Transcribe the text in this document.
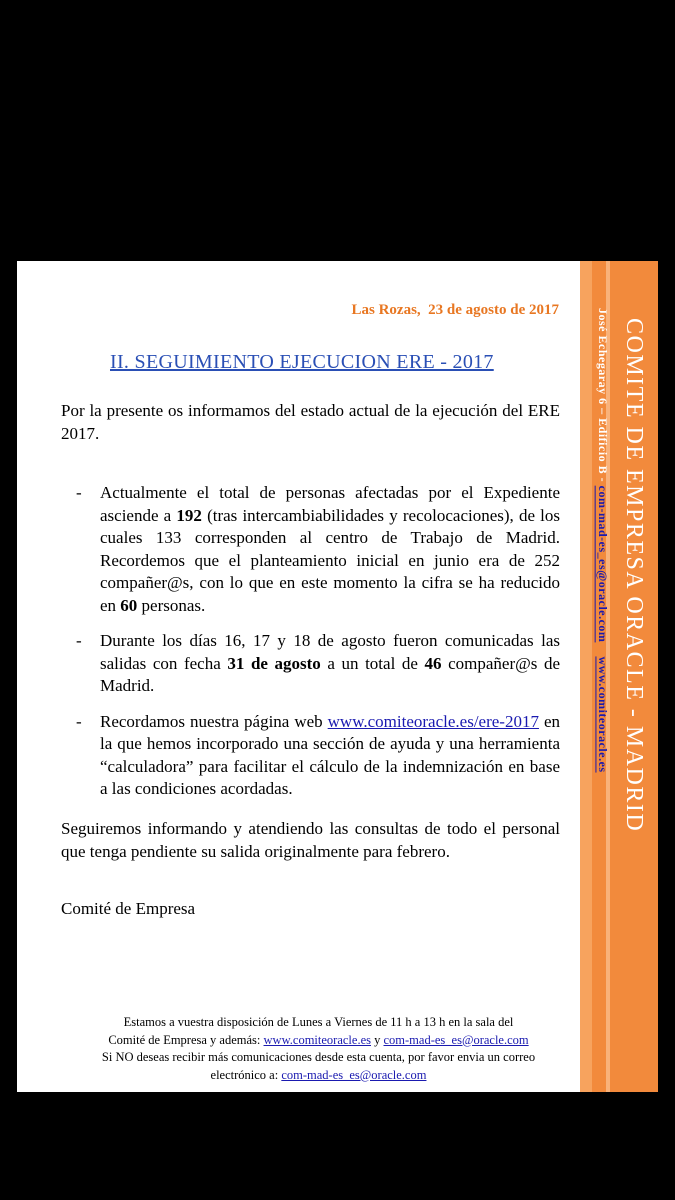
COMITE DE EMPRESA ORACLE - MADRID
José Echegaray 6 – Edificio B - com-mad-es_es@oracle.com    www.comiteoracle.es
Las Rozas,  23 de agosto de 2017
II. SEGUIMIENTO EJECUCION ERE - 2017
Por la presente os informamos del estado actual de la ejecución del ERE 2017.
- Actualmente el total de personas afectadas por el Expediente asciende a 192 (tras intercambiabilidades y recolocaciones), de los cuales 133 corresponden al centro de Trabajo de Madrid. Recordemos que el planteamiento inicial en junio era de 252 compañer@s, con lo que en este momento la cifra se ha reducido en 60 personas.
- Durante los días 16, 17 y 18 de agosto fueron comunicadas las salidas con fecha 31 de agosto a un total de 46 compañer@s de Madrid.
- Recordamos nuestra página web www.comiteoracle.es/ere-2017 en la que hemos incorporado una sección de ayuda y una herramienta “calculadora” para facilitar el cálculo de la indemnización en base a las condiciones acordadas.
Seguiremos informando y atendiendo las consultas de todo el personal que tenga pendiente su salida originalmente para febrero.
Comité de Empresa
Estamos a vuestra disposición de Lunes a Viernes de 11 h a 13 h en la sala del
Comité de Empresa y además: www.comiteoracle.es y com-mad-es_es@oracle.com
Si NO deseas recibir más comunicaciones desde esta cuenta, por favor envia un correo
electrónico a: com-mad-es_es@oracle.com
